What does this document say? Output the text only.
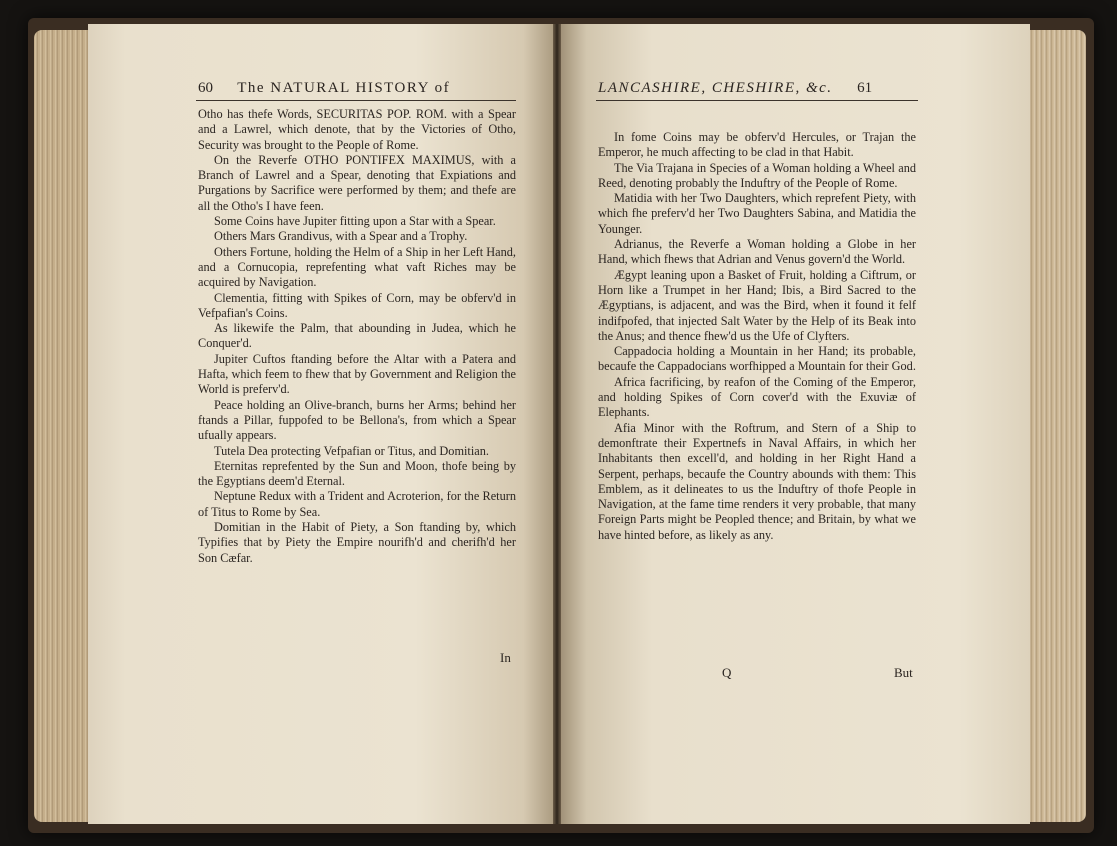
60 The NATURAL HISTORY of

Otho has thefe Words, SECURITAS POP. ROM. with a Spear and a Lawrel, which denote, that by the Victories of Otho, Security was brought to the People of Rome.

On the Reverfe OTHO PONTIFEX MAXIMUS, with a Branch of Lawrel and a Spear, denoting that Expiations and Purgations by Sacrifice were performed by them; and thefe are all the Otho's I have feen.

Some Coins have Jupiter fitting upon a Star with a Spear.

Others Mars Grandivus, with a Spear and a Trophy.

Others Fortune, holding the Helm of a Ship in her Left Hand, and a Cornucopia, reprefenting what vaft Riches may be acquired by Navigation.

Clementia, fitting with Spikes of Corn, may be obferv'd in Vefpafian's Coins.

As likewife the Palm, that abounding in Judea, which he Conquer'd.

Jupiter Cuftos ftanding before the Altar with a Patera and Hafta, which feem to fhew that by Government and Religion the World is preferv'd.

Peace holding an Olive-branch, burns her Arms; behind her ftands a Pillar, fuppofed to be Bellona's, from which a Spear ufually appears.

Tutela Dea protecting Vefpafian or Titus, and Domitian.

Eternitas reprefented by the Sun and Moon, thofe being by the Egyptians deem'd Eternal.

Neptune Redux with a Trident and Acroterion, for the Return of Titus to Rome by Sea.

Domitian in the Habit of Piety, a Son ftanding by, which Typifies that by Piety the Empire nourifh'd and cherifh'd her Son Cæfar.

In
LANCASHIRE, CHESHIRE, &c. 61

In fome Coins may be obferv'd Hercules, or Trajan the Emperor, he much affecting to be clad in that Habit.

The Via Trajana in Species of a Woman holding a Wheel and Reed, denoting probably the Induftry of the People of Rome.

Matidia with her Two Daughters, which reprefent Piety, with which fhe preferv'd her Two Daughters Sabina, and Matidia the Younger.

Adrianus, the Reverfe a Woman holding a Globe in her Hand, which fhews that Adrian and Venus govern'd the World.

Ægypt leaning upon a Basket of Fruit, holding a Ciftrum, or Horn like a Trumpet in her Hand; Ibis, a Bird Sacred to the Ægyptians, is adjacent, and was the Bird, when it found it felf indifpofed, that injected Salt Water by the Help of its Beak into the Anus; and thence fhew'd us the Ufe of Clyfters.

Cappadocia holding a Mountain in her Hand; its probable, becaufe the Cappadocians worfhipped a Mountain for their God.

Africa facrificing, by reafon of the Coming of the Emperor, and holding Spikes of Corn cover'd with the Exuviæ of Elephants.

Afia Minor with the Roftrum, and Stern of a Ship to demonftrate their Expertnefs in Naval Affairs, in which her Inhabitants then excell'd, and holding in her Right Hand a Serpent, perhaps, becaufe the Country abounds with them: This Emblem, as it delineates to us the Induftry of thofe People in Navigation, at the fame time renders it very probable, that many Foreign Parts might be Peopled thence; and Britain, by what we have hinted before, as likely as any.

Q	But
